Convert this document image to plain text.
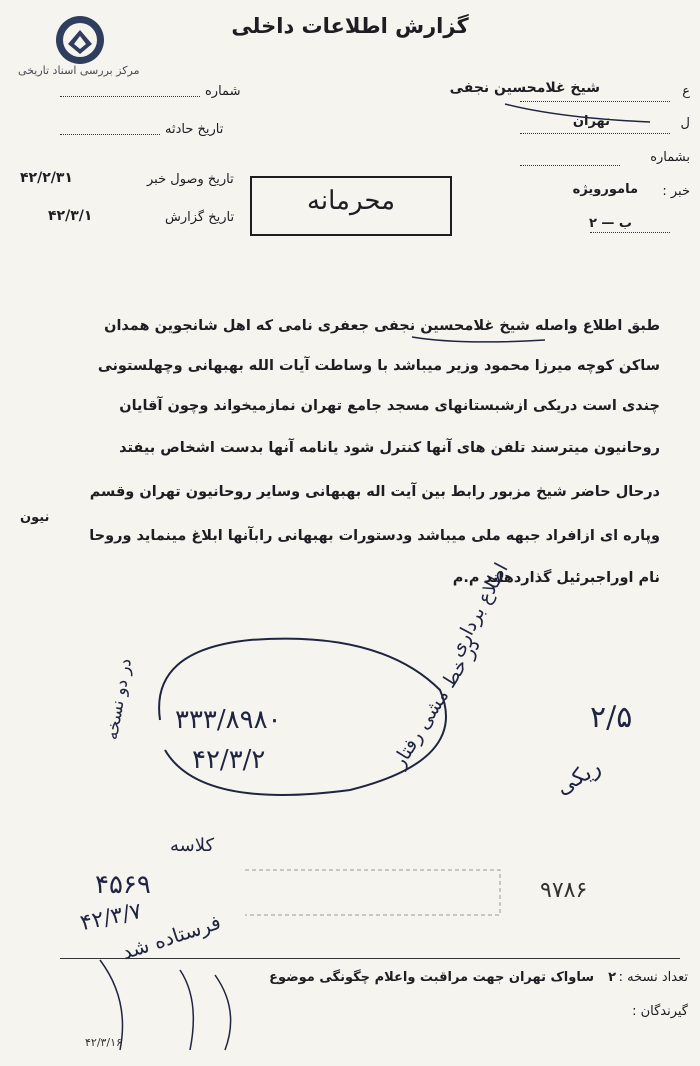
مرکز بررسی اسناد تاریخی
گزارش اطلاعات داخلی
ع
شیخ غلامحسین نجفی
ل
تهران
بشماره
خبر :
مامورویژه
ب — ۲
شماره
تاریخ حادثه
تاریخ وصول خبر
۴۲/۲/۳۱
تاریخ گزارش
۴۲/۳/۱	محرمانه
طبق اطلاع واصله شیخ غلامحسین نجفی جعفری نامی که اهل شانجوین همدان
ساکن کوچه میرزا محمود وزیر میباشد با وساطت آیات الله بهبهانی وچهلستونی
چندی است دریکی ازشبستانهای مسجد جامع تهران نمازمیخواند وچون آقایان
روحانیون میترسند تلفن های آنها کنترل شود یانامه آنها بدست اشخاص بیفتد
درحال حاضر شیخ مزبور رابط بین آیت اله بهبهانی وسایر روحانیون تهران وقسم
نیون
وپاره ای ازافراد جبهه ملی میباشد ودستورات بهبهانی رابآنها ابلاغ مینماید وروحا
نام اوراجبرئیل گذاردهاند م.م
۳۳۳/۸۹۸۰
۴۲/۳/۲
در دو نسخه
اطلاع برداری
در خط مشی رفتار	۲/۵
ریکی
کلاسه
۴۵۶۹
فرستاده شد
۴۲/۳/۷
۹۷۸۶
تعداد نسخه :
۲
ساواک تهران جهت مراقبت واعلام چگونگی موضوع
گیرندگان :
۴۲/۳/۱۶
